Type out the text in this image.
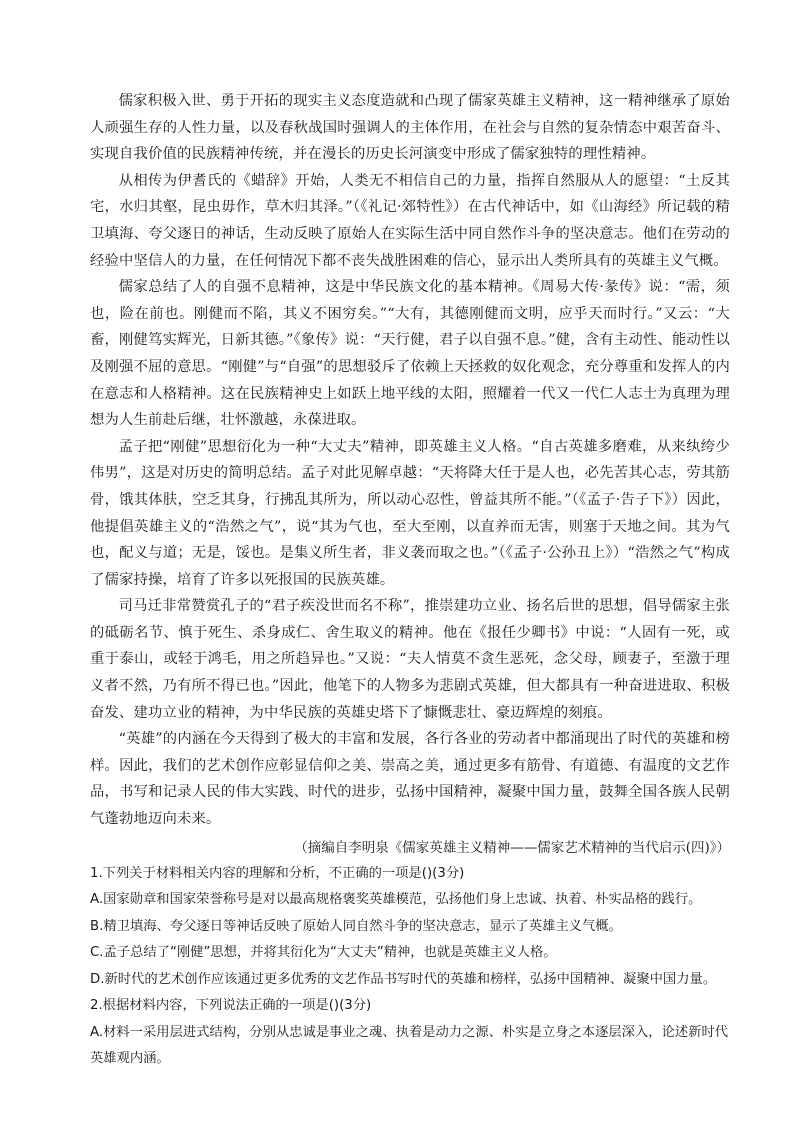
儒家积极入世、勇于开拓的现实主义态度造就和凸现了儒家英雄主义精神，这一精神继承了原始人顽强生存的人性力量，以及春秋战国时强调人的主体作用，在社会与自然的复杂情态中艰苦奋斗、实现自我价值的民族精神传统，并在漫长的历史长河演变中形成了儒家独特的理性精神。

从相传为伊耆氏的《蜡辞》开始，人类无不相信自己的力量，指挥自然服从人的愿望：“土反其宅，水归其壑，昆虫毋作，草木归其泽。”（《礼记·郊特性》）在古代神话中，如《山海经》所记载的精卫填海、夸父逐日的神话，生动反映了原始人在实际生活中同自然作斗争的坚决意志。他们在劳动的经验中坚信人的力量，在任何情况下都不丧失战胜困难的信心，显示出人类所具有的英雄主义气概。

儒家总结了人的自强不息精神，这是中华民族文化的基本精神。《周易大传·彖传》说：“需，须也，险在前也。刚健而不陷，其义不困穷矣。”“大有，其德刚健而文明，应乎天而时行。”又云：“大畜，刚健笃实辉光，日新其德。”《象传》说：“天行健，君子以自强不息。”健，含有主动性、能动性以及刚强不屈的意思。“刚健”与“自强”的思想驳斥了依赖上天拯救的奴化观念，充分尊重和发挥人的内在意志和人格精神。这在民族精神史上如跃上地平线的太阳，照耀着一代又一代仁人志士为真理为理想为人生前赴后继，壮怀激越，永葆进取。

孟子把“刚健”思想衍化为一种“大丈夫”精神，即英雄主义人格。“自古英雄多磨难，从来纨绔少伟男”，这是对历史的简明总结。孟子对此见解卓越：“天将降大任于是人也，必先苦其心志，劳其筋骨，饿其体肤，空乏其身，行拂乱其所为，所以动心忍性，曾益其所不能。”（《孟子·告子下》）因此，他提倡英雄主义的“浩然之气”，说“其为气也，至大至刚，以直养而无害，则塞于天地之间。其为气也，配义与道；无是，馁也。是集义所生者，非义袭而取之也。”（《孟子·公孙丑上》）“浩然之气”构成了儒家持操，培育了许多以死报国的民族英雄。

司马迁非常赞赏孔子的“君子疾没世而名不称”，推崇建功立业、扬名后世的思想，倡导儒家主张的砥砺名节、慎于死生、杀身成仁、舍生取义的精神。他在《报任少卿书》中说：“人固有一死，或重于泰山，或轻于鸿毛，用之所趋异也。”又说：“夫人情莫不贪生恶死，念父母，顾妻子，至激于理义者不然，乃有所不得已也。”因此，他笔下的人物多为悲剧式英雄，但大都具有一种奋进进取、积极奋发、建功立业的精神，为中华民族的英雄史塔下了慷慨悲壮、豪迈辉煌的刻痕。

“英雄”的内涵在今天得到了极大的丰富和发展，各行各业的劳动者中都涌现出了时代的英雄和榜样。因此，我们的艺术创作应彰显信仰之美、崇高之美，通过更多有筋骨、有道德、有温度的文艺作品，书写和记录人民的伟大实践、时代的进步，弘扬中国精神，凝聚中国力量，鼓舞全国各族人民朝气蓬勃地迈向未来。

（摘编自李明泉《儒家英雄主义精神——儒家艺术精神的当代启示(四)》）

1.下列关于材料相关内容的理解和分析，不正确的一项是()(3分)

A.国家勋章和国家荣誉称号是对以最高规格褒奖英雄模范，弘扬他们身上忠诚、执着、朴实品格的践行。

B.精卫填海、夸父逐日等神话反映了原始人同自然斗争的坚决意志，显示了英雄主义气概。

C.孟子总结了“刚健”思想，并将其衍化为“大丈夫”精神，也就是英雄主义人格。

D.新时代的艺术创作应该通过更多优秀的文艺作品书写时代的英雄和榜样，弘扬中国精神、凝聚中国力量。

2.根据材料内容，下列说法正确的一项是()(3分)

A.材料一采用层进式结构，分别从忠诚是事业之魂、执着是动力之源、朴实是立身之本逐层深入，论述新时代英雄观内涵。
